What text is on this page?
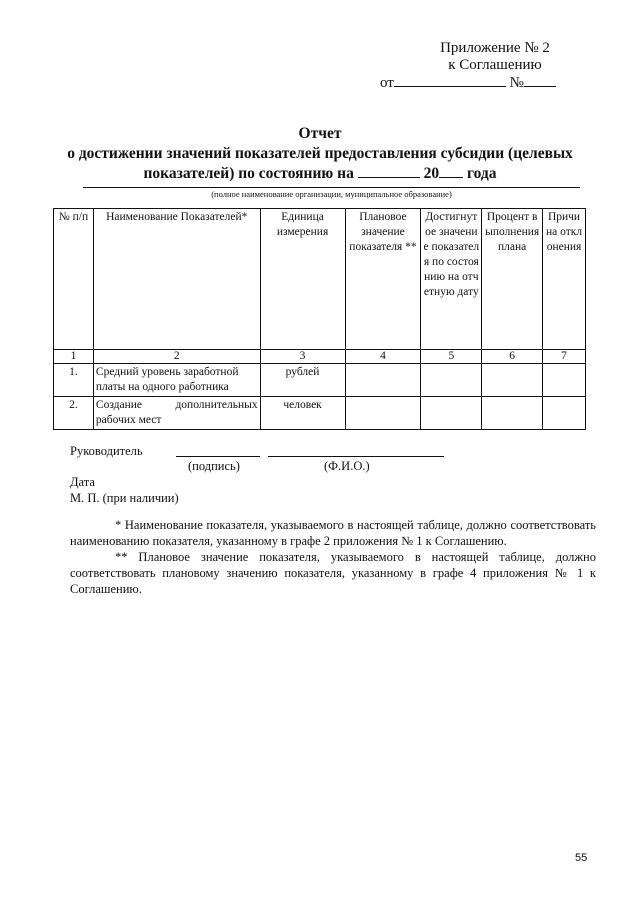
Приложение № 2
к Соглашению
от	№
Отчет
о достижении значений показателей предоставления субсидии (целевых
показателей) по состоянию на	20 года
(полное наименование организации, муниципальное образование)
№ п/п	Наименование Показателей*	Единица измерения	Плановое значение показателя **	Достигнутое значение показателя по состоянию на отчетную дату	Процент выполнения плана	Причина отклонения
1	2	3	4	5	6	7
1.	Средний уровень заработной платы на одного работника	рублей				
2.	Создание дополнительных рабочих мест	человек				
Руководитель
(подпись)	(Ф.И.О.)
Дата
М. П. (при наличии)

* Наименование показателя, указываемого в настоящей таблице, должно соответствовать наименованию показателя, указанному в графе 2 приложения № 1 к Соглашению.

** Плановое значение показателя, указываемого в настоящей таблице, должно соответствовать плановому значению показателя, указанному в графе 4 приложения № 1 к Соглашению.

55
